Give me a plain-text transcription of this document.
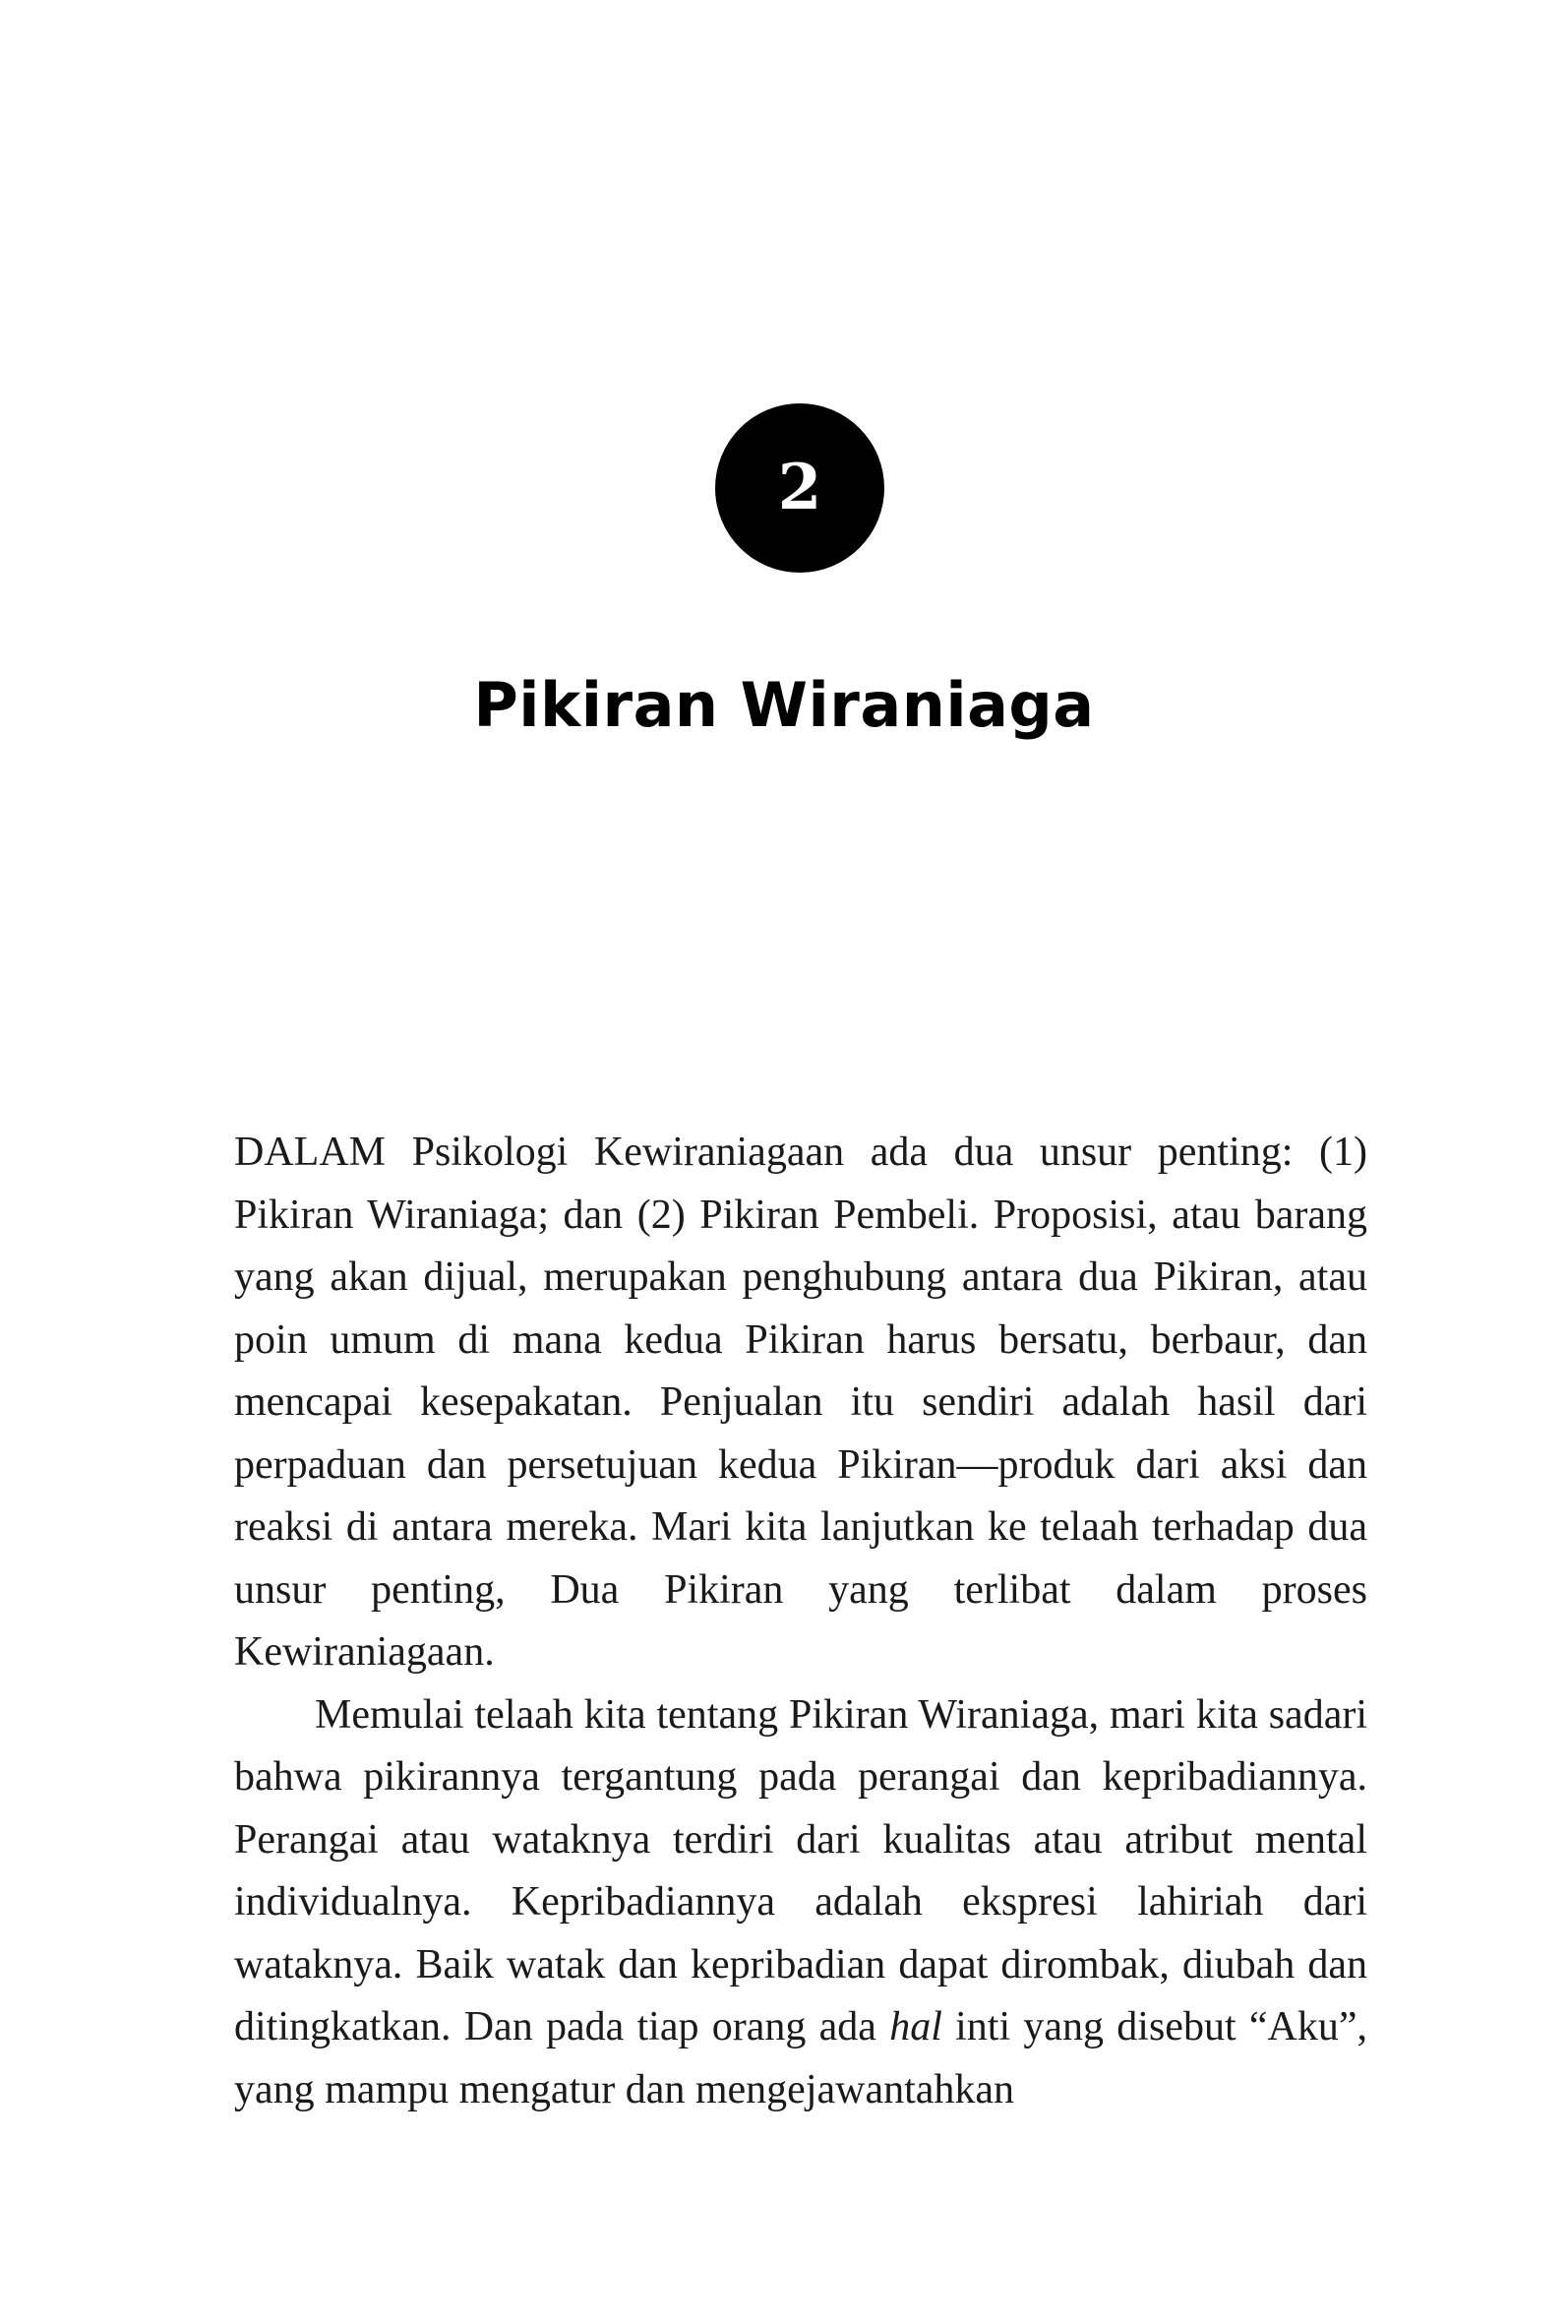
2
Pikiran Wiraniaga

DALAM Psikologi Kewiraniagaan ada dua unsur penting: (1) Pikiran Wiraniaga; dan (2) Pikiran Pembeli. Proposisi, atau barang yang akan dijual, merupakan penghubung antara dua Pikiran, atau poin umum di mana kedua Pikiran harus bersatu, berbaur, dan mencapai kesepakatan. Penjualan itu sendiri adalah hasil dari perpaduan dan persetujuan kedua Pikiran—produk dari aksi dan reaksi di antara mereka. Mari kita lanjutkan ke telaah terhadap dua unsur penting, Dua Pikiran yang terlibat dalam proses Kewiraniagaan.

Memulai telaah kita tentang Pikiran Wiraniaga, mari kita sadari bahwa pikirannya tergantung pada perangai dan kepribadiannya. Perangai atau wataknya terdiri dari kualitas atau atribut mental individualnya. Kepribadiannya adalah ekspresi lahiriah dari wataknya. Baik watak dan kepribadian dapat dirombak, diubah dan ditingkatkan. Dan pada tiap orang ada hal inti yang disebut “Aku”, yang mampu mengatur dan mengejawantahkan
